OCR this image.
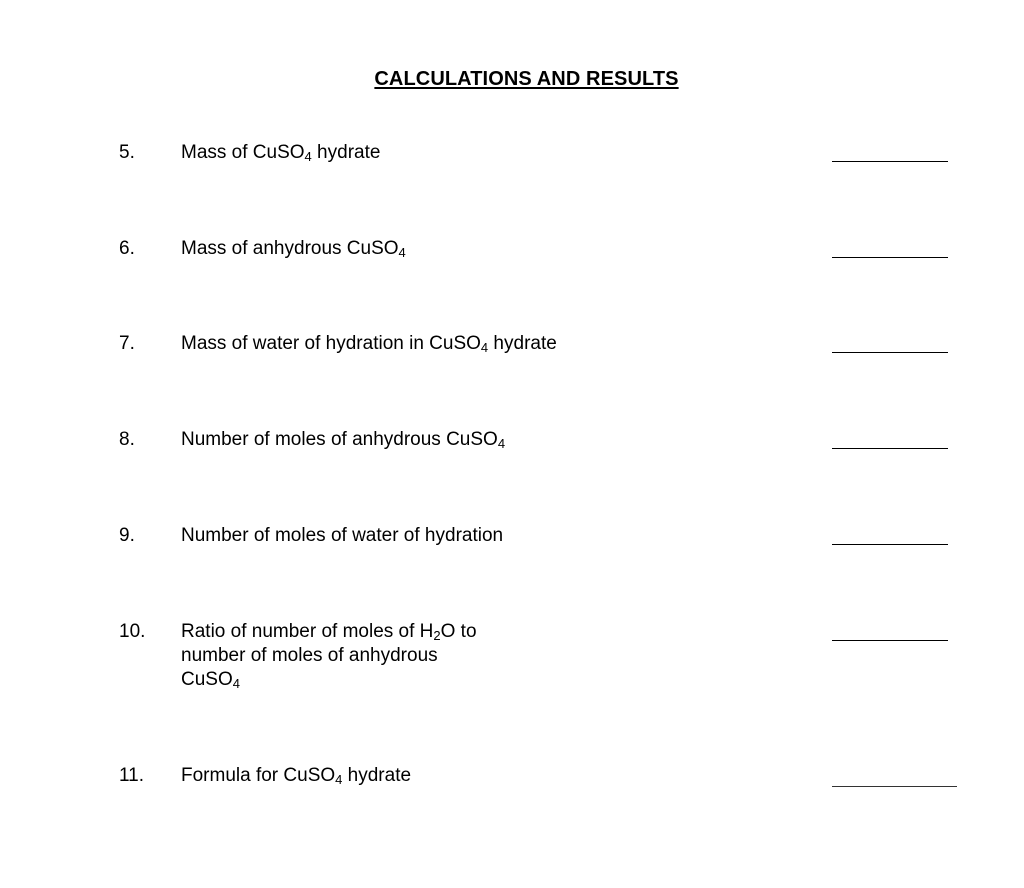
CALCULATIONS AND RESULTS
5. Mass of CuSO$_4$ hydrate
6. Mass of anhydrous CuSO$_4$
7. Mass of water of hydration in CuSO$_4$ hydrate
8. Number of moles of anhydrous CuSO$_4$
9. Number of moles of water of hydration
10. Ratio of number of moles of $H_2O$ to
number of moles of anhydrous
CuSO$_4$
11. Formula for CuSO$_4$ hydrate
